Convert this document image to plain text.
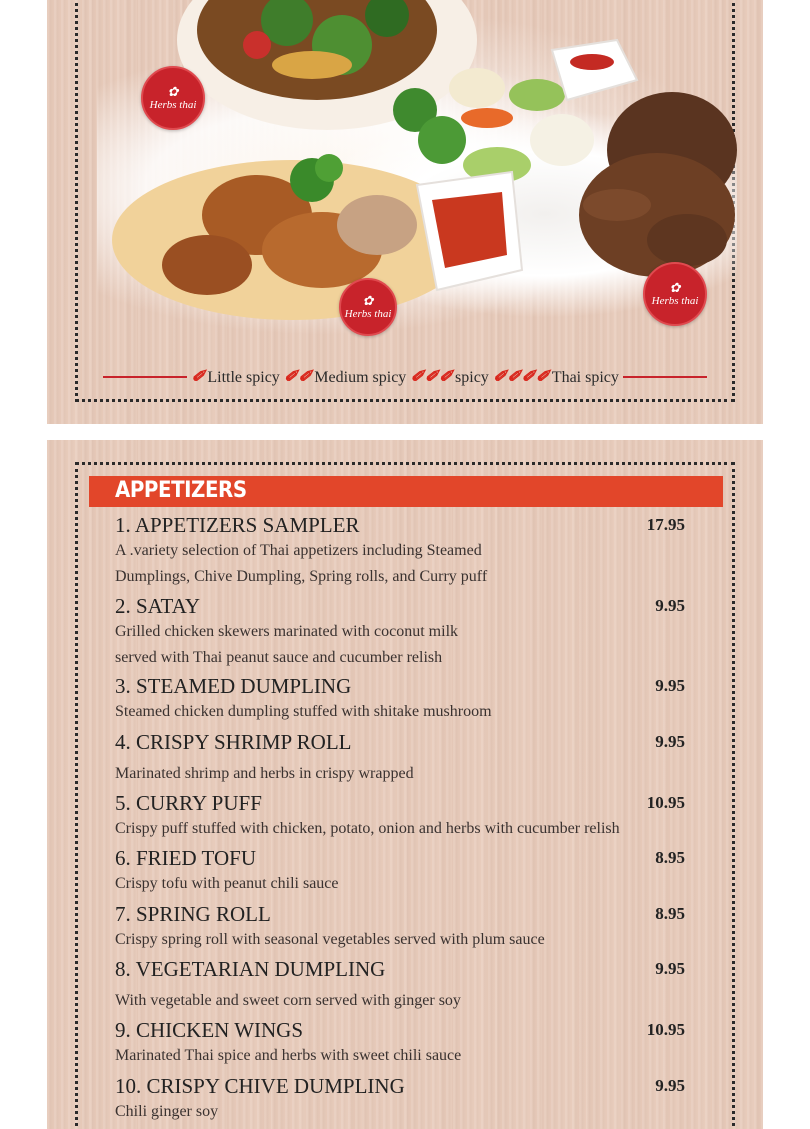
✿
Herbs thai
✿
Herbs thai
✿
Herbs thai
✐ Little spicy ✐✐ Medium spicy ✐✐✐ spicy ✐✐✐✐ Thai spicy
APPETIZERS
1. APPETIZERS SAMPLER	17.95
A .variety selection of Thai appetizers including Steamed
Dumplings, Chive Dumpling, Spring rolls, and Curry puff
2. SATAY	9.95
Grilled chicken skewers marinated with coconut milk
served with Thai peanut sauce and cucumber relish
3. STEAMED DUMPLING	9.95
Steamed chicken dumpling stuffed with shitake mushroom
4. CRISPY SHRIMP ROLL	9.95
Marinated shrimp and herbs in crispy wrapped
5. CURRY PUFF	10.95
Crispy puff stuffed with chicken, potato, onion and herbs with cucumber relish
6. FRIED TOFU	8.95
Crispy tofu with peanut chili sauce
7. SPRING ROLL	8.95
Crispy spring roll with seasonal vegetables served with plum sauce
8. VEGETARIAN DUMPLING	9.95
With vegetable and sweet corn served with ginger soy
9. CHICKEN WINGS	10.95
Marinated Thai spice and herbs with sweet chili sauce
10. CRISPY CHIVE DUMPLING	9.95
Chili ginger soy
